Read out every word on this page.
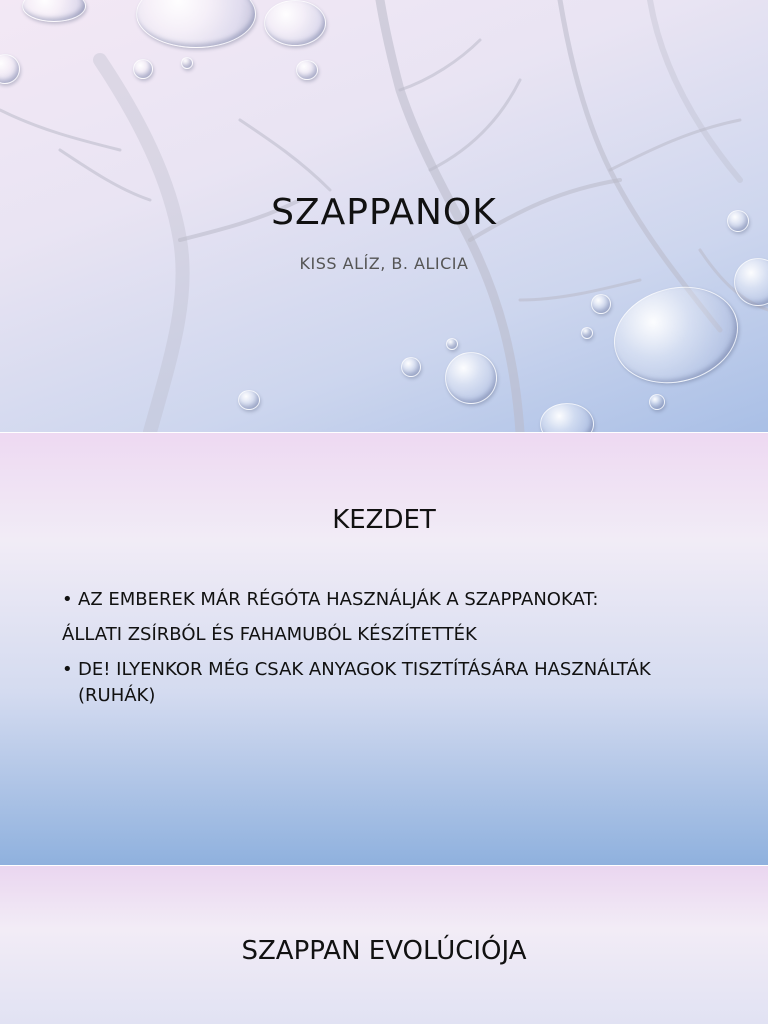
SZAPPANOK
KISS ALÍZ, B. ALICIA
KEZDET
• AZ EMBEREK MÁR RÉGÓTA HASZNÁLJÁK A SZAPPANOKAT:
ÁLLATI ZSÍRBÓL ÉS FAHAMUBÓL KÉSZÍTETTÉK
• DE! ILYENKOR MÉG CSAK ANYAGOK TISZTÍTÁSÁRA HASZNÁLTÁK (RUHÁK)
SZAPPAN EVOLÚCIÓJA
